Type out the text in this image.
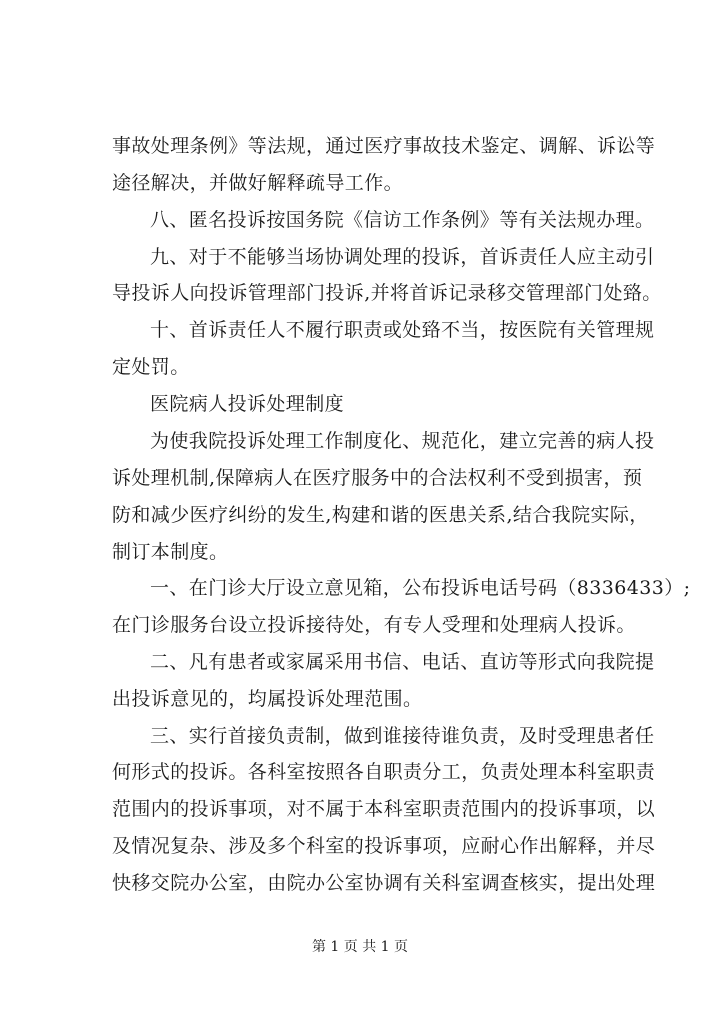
事故处理条例》等法规，通过医疗事故技术鉴定、调解、诉讼等
途径解决，并做好解释疏导工作。
八、匿名投诉按国务院《信访工作条例》等有关法规办理。
九、对于不能够当场协调处理的投诉，首诉责任人应主动引
导投诉人向投诉管理部门投诉,并将首诉记录移交管理部门处臵。
十、首诉责任人不履行职责或处臵不当，按医院有关管理规
定处罚。
医院病人投诉处理制度
为使我院投诉处理工作制度化、规范化，建立完善的病人投
诉处理机制,保障病人在医疗服务中的合法权利不受到损害，预
防和减少医疗纠纷的发生,构建和谐的医患关系,结合我院实际，
制订本制度。
一、在门诊大厅设立意见箱，公布投诉电话号码（8336433）;
在门诊服务台设立投诉接待处，有专人受理和处理病人投诉。
二、凡有患者或家属采用书信、电话、直访等形式向我院提
出投诉意见的，均属投诉处理范围。
三、实行首接负责制，做到谁接待谁负责，及时受理患者任
何形式的投诉。各科室按照各自职责分工，负责处理本科室职责
范围内的投诉事项，对不属于本科室职责范围内的投诉事项，以
及情况复杂、涉及多个科室的投诉事项，应耐心作出解释，并尽
快移交院办公室，由院办公室协调有关科室调查核实，提出处理
第 1 页 共 1 页
